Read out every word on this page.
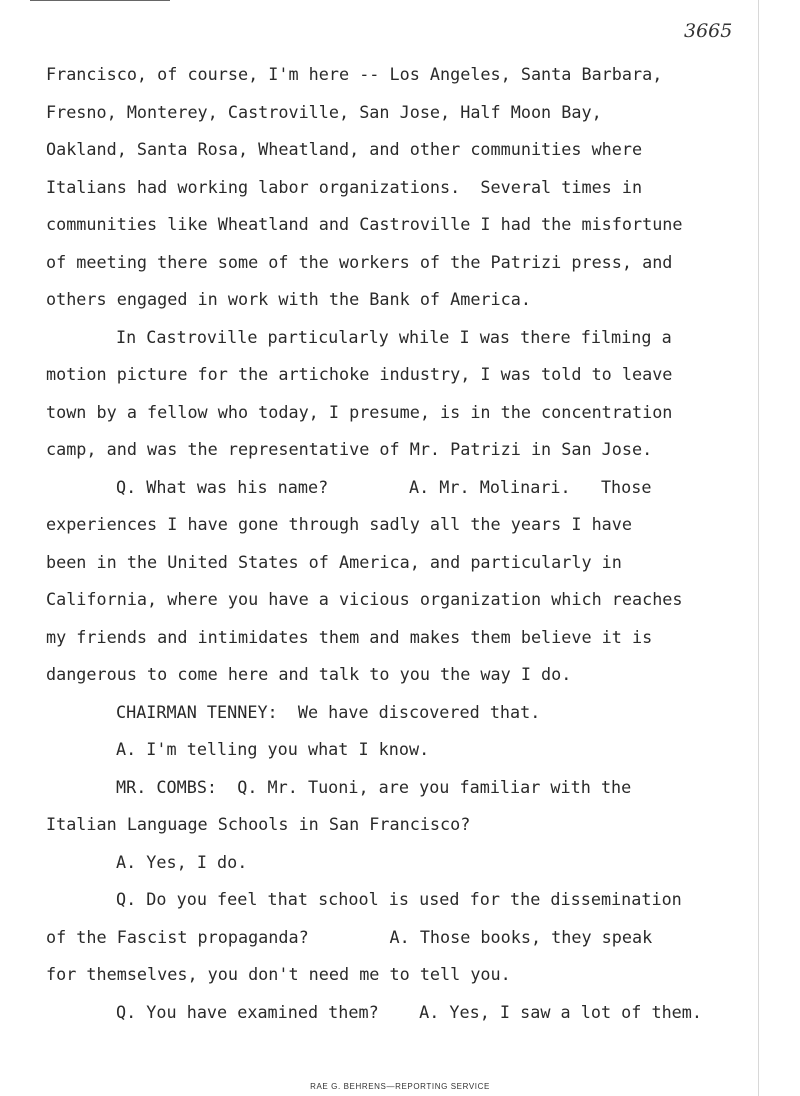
3665
Francisco, of course, I'm here -- Los Angeles, Santa Barbara,
Fresno, Monterey, Castroville, San Jose, Half Moon Bay,
Oakland, Santa Rosa, Wheatland, and other communities where
Italians had working labor organizations.  Several times in
communities like Wheatland and Castroville I had the misfortune
of meeting there some of the workers of the Patrizi press, and
others engaged in work with the Bank of America.
In Castroville particularly while I was there filming a
motion picture for the artichoke industry, I was told to leave
town by a fellow who today, I presume, is in the concentration
camp, and was the representative of Mr. Patrizi in San Jose.
Q. What was his name?        A. Mr. Molinari.   Those
experiences I have gone through sadly all the years I have
been in the United States of America, and particularly in
California, where you have a vicious organization which reaches
my friends and intimidates them and makes them believe it is
dangerous to come here and talk to you the way I do.
CHAIRMAN TENNEY:  We have discovered that.
A. I'm telling you what I know.
MR. COMBS:  Q. Mr. Tuoni, are you familiar with the
Italian Language Schools in San Francisco?
A. Yes, I do.
Q. Do you feel that school is used for the dissemination
of the Fascist propaganda?        A. Those books, they speak
for themselves, you don't need me to tell you.
Q. You have examined them?    A. Yes, I saw a lot of them.
RAE G. BEHRENS—REPORTING SERVICE
